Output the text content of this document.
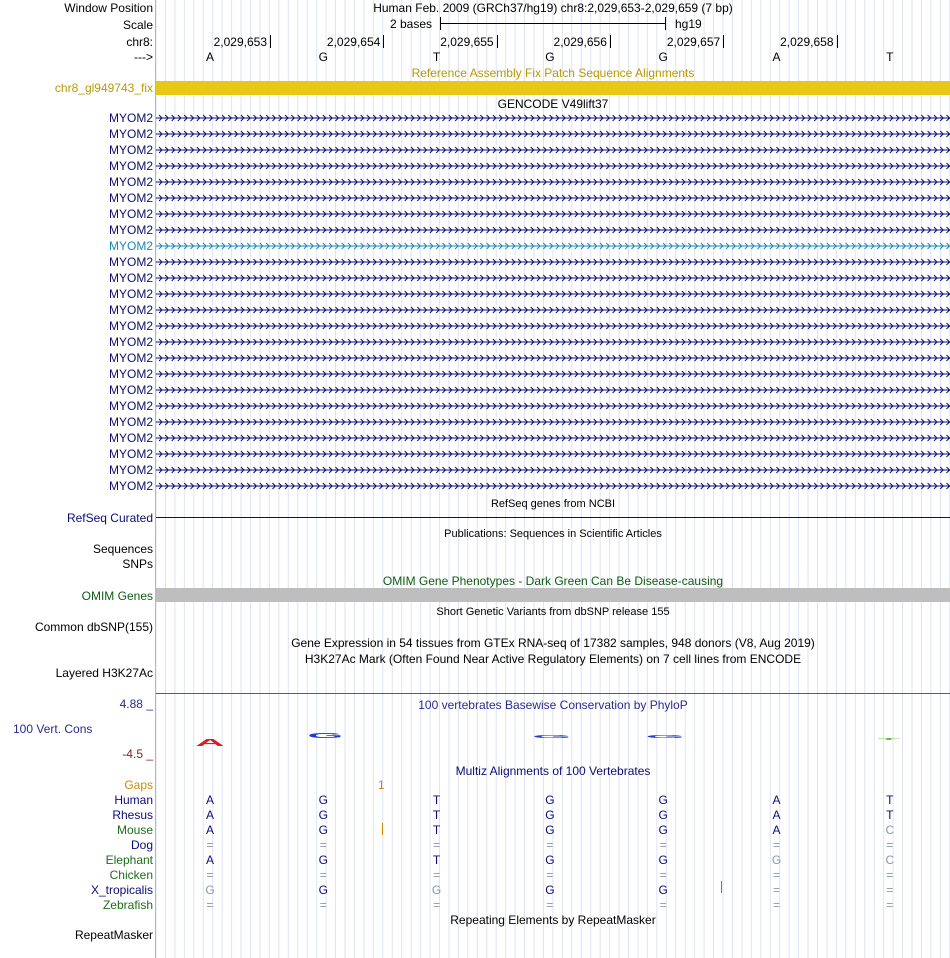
Window Position	Human Feb. 2009 (GRCh37/hg19) chr8:2,029,653-2,029,659 (7 bp)
Scale	2 bases	hg19
chr8:	2,029,653	2,029,654	2,029,655	2,029,656	2,029,657	2,029,658
--->	A	G	T	G	G	A	T
Reference Assembly Fix Patch Sequence Alignments
chr8_gl949743_fix
GENCODE V49lift37
MYOM2
MYOM2
MYOM2
MYOM2
MYOM2
MYOM2
MYOM2
MYOM2
MYOM2
MYOM2
MYOM2
MYOM2
MYOM2
MYOM2
MYOM2
MYOM2
MYOM2
MYOM2
MYOM2
MYOM2
MYOM2
MYOM2
MYOM2
MYOM2
RefSeq genes from NCBI
RefSeq Curated
Publications: Sequences in Scientific Articles
Sequences
SNPs
OMIM Gene Phenotypes - Dark Green Can Be Disease-causing
OMIM Genes
Short Genetic Variants from dbSNP release 155
Common dbSNP(155)
Gene Expression in 54 tissues from GTEx RNA-seq of 17382 samples, 948 donors (V8, Aug 2019)
H3K27Ac Mark (Often Found Near Active Regulatory Elements) on 7 cell lines from ENCODE
Layered H3K27Ac
100 vertebrates Basewise Conservation by PhyloP
4.88 _
100 Vert. Cons
-4.5 _
Multiz Alignments of 100 Vertebrates
Gaps	1
Human	A	G	T	G	G	A	T
Rhesus	A	G	T	G	G	A	T
Mouse	A	G	T	G	G	A	C
Dog	=	=	=	=	=	=	=
Elephant	A	G	T	G	G	G	C
Chicken	=	=	=	=	=	=	=
X_tropicalis	G	G	G	G	G	=	=
Zebrafish	=	=	=	=	=	=	=
Repeating Elements by RepeatMasker
RepeatMasker
A
G	G	G
T
